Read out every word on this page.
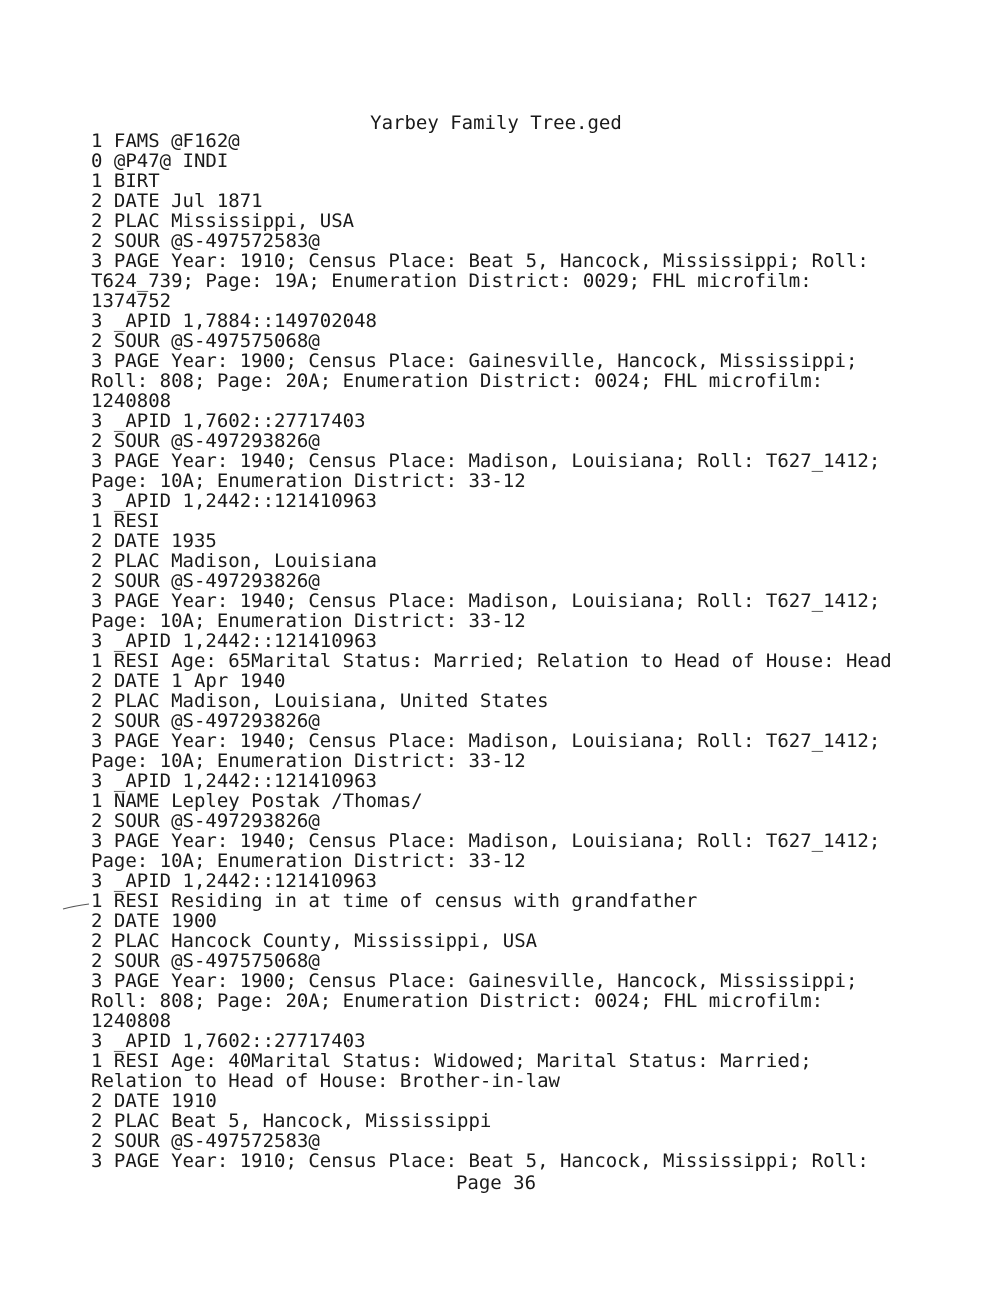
Yarbey Family Tree.ged
1 FAMS @F162@
0 @P47@ INDI
1 BIRT
2 DATE Jul 1871
2 PLAC Mississippi, USA
2 SOUR @S-497572583@
3 PAGE Year: 1910; Census Place: Beat 5, Hancock, Mississippi; Roll:
T624_739; Page: 19A; Enumeration District: 0029; FHL microfilm:
1374752
3 _APID 1,7884::149702048
2 SOUR @S-497575068@
3 PAGE Year: 1900; Census Place: Gainesville, Hancock, Mississippi;
Roll: 808; Page: 20A; Enumeration District: 0024; FHL microfilm:
1240808
3 _APID 1,7602::27717403
2 SOUR @S-497293826@
3 PAGE Year: 1940; Census Place: Madison, Louisiana; Roll: T627_1412;
Page: 10A; Enumeration District: 33-12
3 _APID 1,2442::121410963
1 RESI
2 DATE 1935
2 PLAC Madison, Louisiana
2 SOUR @S-497293826@
3 PAGE Year: 1940; Census Place: Madison, Louisiana; Roll: T627_1412;
Page: 10A; Enumeration District: 33-12
3 _APID 1,2442::121410963
1 RESI Age: 65Marital Status: Married; Relation to Head of House: Head
2 DATE 1 Apr 1940
2 PLAC Madison, Louisiana, United States
2 SOUR @S-497293826@
3 PAGE Year: 1940; Census Place: Madison, Louisiana; Roll: T627_1412;
Page: 10A; Enumeration District: 33-12
3 _APID 1,2442::121410963
1 NAME Lepley Postak /Thomas/
2 SOUR @S-497293826@
3 PAGE Year: 1940; Census Place: Madison, Louisiana; Roll: T627_1412;
Page: 10A; Enumeration District: 33-12
3 _APID 1,2442::121410963
1 RESI Residing in at time of census with grandfather
2 DATE 1900
2 PLAC Hancock County, Mississippi, USA
2 SOUR @S-497575068@
3 PAGE Year: 1900; Census Place: Gainesville, Hancock, Mississippi;
Roll: 808; Page: 20A; Enumeration District: 0024; FHL microfilm:
1240808
3 _APID 1,7602::27717403
1 RESI Age: 40Marital Status: Widowed; Marital Status: Married;
Relation to Head of House: Brother-in-law
2 DATE 1910
2 PLAC Beat 5, Hancock, Mississippi
2 SOUR @S-497572583@
3 PAGE Year: 1910; Census Place: Beat 5, Hancock, Mississippi; Roll:
Page 36
